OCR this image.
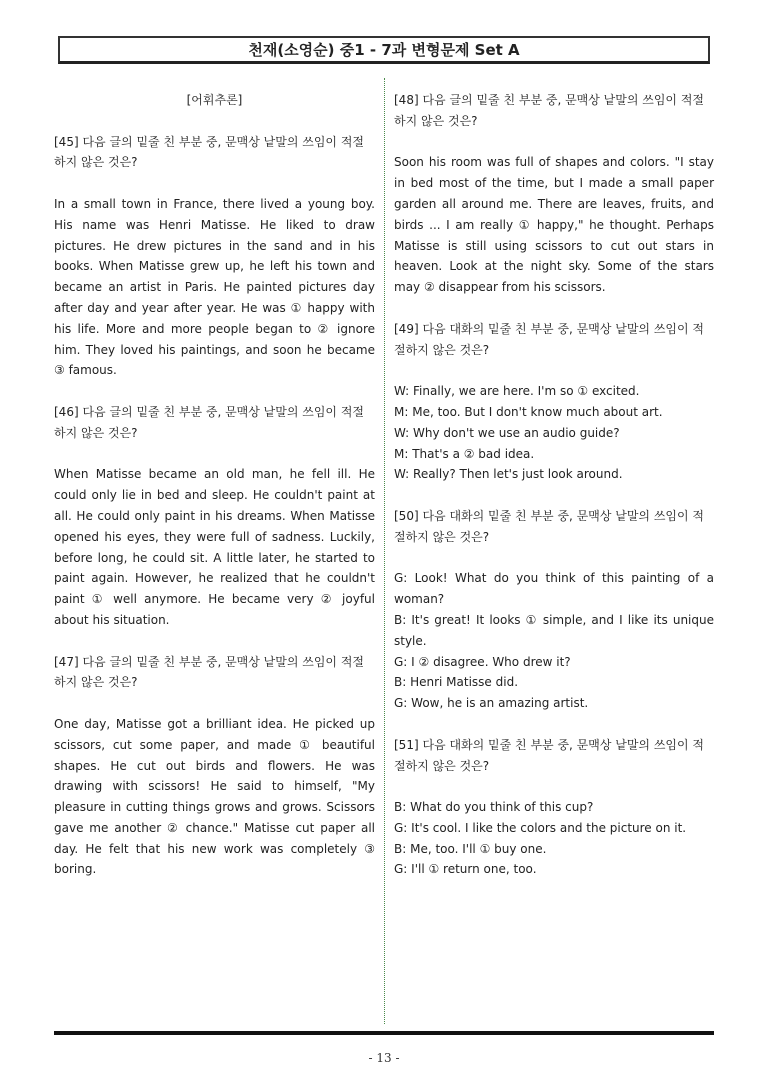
천재(소영순) 중1 - 7과 변형문제 Set A
[어휘추론]

[45] 다음 글의 밑줄 친 부분 중, 문맥상 낱말의 쓰임이 적절하지 않은 것은?

In a small town in France, there lived a young boy. His name was Henri Matisse. He liked to draw pictures. He drew pictures in the sand and in his books. When Matisse grew up, he left his town and became an artist in Paris. He painted pictures day after day and year after year. He was ① happy with his life. More and more people began to ② ignore him. They loved his paintings, and soon he became ③ famous.

[46] 다음 글의 밑줄 친 부분 중, 문맥상 낱말의 쓰임이 적절하지 않은 것은?

When Matisse became an old man, he fell ill. He could only lie in bed and sleep. He couldn't paint at all. He could only paint in his dreams. When Matisse opened his eyes, they were full of sadness. Luckily, before long, he could sit. A little later, he started to paint again. However, he realized that he couldn't paint ① well anymore. He became very ② joyful about his situation.

[47] 다음 글의 밑줄 친 부분 중, 문맥상 낱말의 쓰임이 적절하지 않은 것은?

One day, Matisse got a brilliant idea. He picked up scissors, cut some paper, and made ① beautiful shapes. He cut out birds and flowers. He was drawing with scissors! He said to himself, "My pleasure in cutting things grows and grows. Scissors gave me another ② chance." Matisse cut paper all day. He felt that his new work was completely ③ boring.

[48] 다음 글의 밑줄 친 부분 중, 문맥상 낱말의 쓰임이 적절하지 않은 것은?

Soon his room was full of shapes and colors. "I stay in bed most of the time, but I made a small paper garden all around me. There are leaves, fruits, and birds ... I am really ① happy," he thought. Perhaps Matisse is still using scissors to cut out stars in heaven. Look at the night sky. Some of the stars may ② disappear from his scissors.

[49] 다음 대화의 밑줄 친 부분 중, 문맥상 낱말의 쓰임이 적절하지 않은 것은?

W: Finally, we are here. I'm so ① excited.

M: Me, too. But I don't know much about art.

W: Why don't we use an audio guide?

M: That's a ② bad idea.

W: Really? Then let's just look around.

[50] 다음 대화의 밑줄 친 부분 중, 문맥상 낱말의 쓰임이 적절하지 않은 것은?

G: Look! What do you think of this painting of a woman?

B: It's great! It looks ① simple, and I like its unique style.

G: I ② disagree. Who drew it?

B: Henri Matisse did.

G: Wow, he is an amazing artist.

[51] 다음 대화의 밑줄 친 부분 중, 문맥상 낱말의 쓰임이 적절하지 않은 것은?

B: What do you think of this cup?

G: It's cool. I like the colors and the picture on it.

B: Me, too. I'll ① buy one.

G: I'll ① return one, too.

- 13 -
